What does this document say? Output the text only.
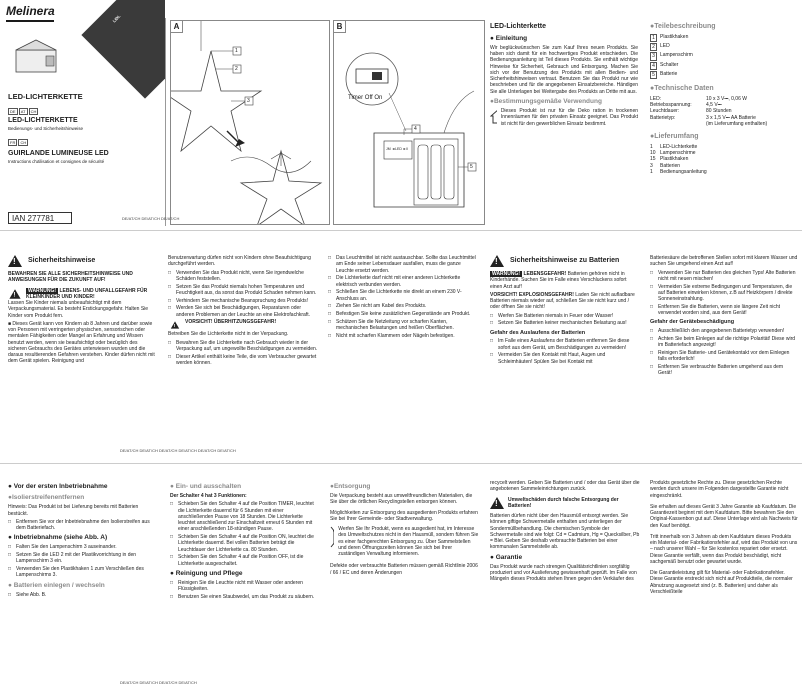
Melinera
LIDL
LED-LICHTERKETTE
DE AT CH
LED-LICHTERKETTE
Bedienungs- und Sicherheitshinweise
FR CH
GUIRLANDE LUMINEUSE LED
Instructions d'utilisation et consignes de sécurité
IAN 277781
A
1
2
3
B
Timer Off On
JM ◄LED ►ll
4
5
DE/AT/CH DE/AT/CH DE/AT/CH
LED-Lichterkette
● Einleitung
Wir beglückwünschen Sie zum Kauf Ihres neuen Produkts. Sie haben sich damit für ein hochwertiges Produkt entschieden. Die Bedienungsanleitung ist Teil dieses Produkts. Sie enthält wichtige Hinweise für Sicherheit, Gebrauch und Entsorgung. Machen Sie sich vor der Benutzung des Produkts mit allen Bedien- und Sicherheitshinweisen vertraut. Benutzen Sie das Produkt nur wie beschrieben und für die angegebenen Einsatzbereiche. Händigen Sie alle Unterlagen bei Weitergabe des Produkts an Dritte mit aus.
●Bestimmungsgemäße Verwendung
Dieses Produkt ist nur für die Deko ration in trockenen Innenräumen für den privaten Einsatz geeignet. Das Produkt ist nicht für den gewerblichen Einsatz bestimmt.
●Teilebeschreibung
1	Plastikhaken
2	LED
3	Lampenschirm
4	Schalter
5	Batterie
●Technische Daten
LED:	10 x 3 V⎓, 0,06 W
Betriebsspannung:	4,5 V⎓
Leuchtdauer:	80 Stunden
Batterietyp:	3 x 1,5 V⎓ AA Batterie
(im Lieferumfang enthalten)
●Lieferumfang
1	LED-Lichterkette
10 Lampenschirme
15 Plastikhaken
3	Batterien
1	Bedienungsanleitung
!
Sicherheitshinweise
BEWAHREN SIE ALLE SICHERHEITSHINWEISE UND ANWEISUNGEN FÜR DIE ZUKUNFT AUF!
!
WARNUNG! LEBENS- UND UNFALLGEFAHR FÜR KLEINKINDER UND KINDER!
Lassen Sie Kinder niemals unbeaufsichtigt mit dem Verpackungsmaterial. Es besteht Erstickungsgefahr. Halten Sie Kinder vom Produkt fern.
■ Dieses Gerät kann von Kindern ab 8 Jahren und darüber sowie von Personen mit verringerten physischen, sensorischen oder mentalen Fähigkeiten oder Mangel an Erfahrung und Wissen benutzt werden, wenn sie beaufsichtigt oder bezüglich des sicheren Gebrauchs des Gerätes unterwiesen wurden und die daraus resultierenden Gefahren verstehen. Kinder dürfen nicht mit dem Gerät spielen. Reinigung und
Benutzerwartung dürfen nicht von Kindern ohne Beaufsichtigung durchgeführt werden.
□ Verwenden Sie das Produkt nicht, wenn Sie irgendwelche Schäden feststellen.
□ Setzen Sie das Produkt niemals hohen Temperaturen und Feuchtigkeit aus, da sonst das Produkt Schaden nehmen kann.
□ Verhindern Sie mechanische Beanspruchung des Produkts!
□ Werden Sie sich bei Beschädigungen, Reparaturen oder anderen Problemen an der Leuchte an eine Elektrofachkraft.
!
VORSICHT! ÜBERHITZUNGSGEFAHR!
Betreiben Sie die Lichterkette nicht in der Verpackung.
□ Bewahren Sie die Lichterkette nach Gebrauch wieder in der Verpackung auf, um ungewollte Beschädigungen zu vermeiden.
□ Dieser Artikel enthält keine Teile, die vom Verbraucher gewartet werden können.
□ Das Leuchtmittel ist nicht austauschbar. Sollte das Leuchtmittel am Ende seiner Lebensdauer ausfallen, muss die ganze Leuchte ersetzt werden.
□ Die Lichterkette darf nicht mit einer anderen Lichterkette elektrisch verbunden werden.
□ Schließen Sie die Lichterkette nie direkt an einem 230 V-Anschluss an.
□ Ziehen Sie nicht am Kabel des Produkts.
□ Befestigen Sie keine zusätzlichen Gegenstände am Produkt.
□ Schützen Sie die Netzleitung vor scharfen Kanten, mechanischen Belastungen und heißen Oberflächen.
□ Nicht mit scharfen Klammern oder Nägeln befestigen.
!
Sicherheitshinweise zu Batterien
WARNUNG! LEBENSGEFAHR! Batterien gehören nicht in Kinderhände. Suchen Sie im Falle eines Verschluckens sofort einen Arzt auf!
VORSICHT! EXPLOSIONSGEFAHR! Laden Sie nicht aufladbare Batterien niemals wieder auf, schließen Sie sie nicht kurz und / oder öffnen Sie sie nicht!
□ Werfen Sie Batterien niemals in Feuer oder Wasser!
□ Setzen Sie Batterien keiner mechanischen Belastung aus!
Gefahr des Auslaufens der Batterien
□ Im Falle eines Auslaufens der Batterien entfernen Sie diese sofort aus dem Gerät, um Beschädigungen zu vermeiden!
□ Vermeiden Sie den Kontakt mit Haut, Augen und Schleimhäuten! Spülen Sie bei Kontakt mit
Batteriesäure die betroffenen Stellen sofort mit klarem Wasser und suchen Sie umgehend einen Arzt auf!
□ Verwenden Sie nur Batterien des gleichen Typs! Alte Batterien nicht mit neuen mischen!
□ Vermeiden Sie extreme Bedingungen und Temperaturen, die auf Batterien einwirken können, z.B auf Heizkörpern / direkte Sonneneinstrahlung.
□ Entfernen Sie die Batterien, wenn sie längere Zeit nicht verwendet worden sind, aus dem Gerät!
Gefahr der Gerätebeschädigung
□ Ausschließlich den angegebenen Batterietyp verwenden!
□ Achten Sie beim Einlegen auf die richtige Polarität! Diese wird im Batteriefach angezeigt!
□ Reinigen Sie Batterie- und Gerätekontakt vor dem Einlegen falls erforderlich!
□ Entfernen Sie verbrauchte Batterien umgehend aus dem Gerät!
DE/AT/CH DE/AT/CH DE/AT/CH DE/AT/CH DE/AT/CH DE/AT/CH
● Vor der ersten Inbetriebnahme
●Isolierstreifenentfernen
Hinweis: Das Produkt ist bei Lieferung bereits mit Batterien bestückt.
□ Entfernen Sie vor der Inbetriebnahme den Isolierstreifen aus dem Batteriefach.
● Inbetriebnahme (siehe Abb. A)
□ Falten Sie den Lampenschirm 3 auseinander.
□ Setzen Sie die LED 2 mit der Plastikvorrichtung in den Lampenschirm 3 ein.
□ Verwenden Sie den Plastikhaken 1 zum Verschließen des Lampenschirms 3.
● Batterien einlegen / wechseln
□ Siehe Abb. B.
● Ein- und ausschalten
Der Schalter 4 hat 3 Funktionen:
□ Schieben Sie den Schalter 4 auf die Position TIMER, leuchtet die Lichterkette dauernd für 6 Stunden mit einer anschließenden Pause von 18 Stunden. Die Lichterkette leuchtet anschließend zur Einschaltzeit erneut 6 Stunden mit einer anschließenden 18-stündigen Pause.
□ Schieben Sie den Schalter 4 auf die Position ON, leuchtet die Lichterkette dauernd. Bei vollen Batterien beträgt die Leuchtdauer der Lichterkette ca. 80 Stunden.
□ Schieben Sie den Schalter 4 auf die Position OFF, ist die Lichterkette ausgeschaltet.
● Reinigung und Pflege
□ Reinigen Sie die Leuchte nicht mit Wasser oder anderen Flüssigkeiten.
□ Benutzen Sie einen Staubwedel, um das Produkt zu säubern.
●Entsorgung
Die Verpackung besteht aus umweltfreundlichen Materialien, die Sie über die örtlichen Recyclingstellen entsorgen können.
Möglichkeiten zur Entsorgung des ausgedienten Produkts erfahren Sie bei Ihrer Gemeinde- oder Stadtverwaltung.
Werfen Sie Ihr Produkt, wenn es ausgedient hat, im Interesse des Umweltschutzes nicht in den Hausmüll, sondern führen Sie es einer fachgerechten Entsorgung zu. Über Sammelstellen und deren Öffnungszeiten können Sie sich bei Ihrer zuständigen Verwaltung informieren.
Defekte oder verbrauchte Batterien müssen gemäß Richtlinie 2006 / 66 / EC und deren Änderungen
recycelt werden. Geben Sie Batterien und / oder das Gerät über die angebotenen Sammeleinrichtungen zurück.
!
Umweltschäden durch falsche Entsorgung der Batterien!
Batterien dürfen nicht über den Hausmüll entsorgt werden. Sie können giftige Schwermetalle enthalten und unterliegen der Sondermüllbehandlung. Die chemischen Symbole der Schwermetalle sind wie folgt: Cd = Cadmium, Hg = Quecksilber, Pb = Blei. Geben Sie deshalb verbrauchte Batterien bei einer kommunalen Sammelstelle ab.
● Garantie
Das Produkt wurde nach strengen Qualitätsrichtlinien sorgfältig produziert und vor Auslieferung gewissenhaft geprüft. Im Falle von Mängeln dieses Produkts stehen Ihnen gegen den Verkäufer des
Produkts gesetzliche Rechte zu. Diese gesetzlichen Rechte werden durch unsere im Folgenden dargestellte Garantie nicht eingeschränkt.
Sie erhalten auf dieses Gerät 3 Jahre Garantie ab Kaufdatum. Die Garantiezeit beginnt mit dem Kaufdatum. Bitte bewahren Sie den Original-Kassenbon gut auf. Diese Unterlage wird als Nachweis für den Kauf benötigt.
Tritt innerhalb von 3 Jahren ab dem Kaufdatum dieses Produkts ein Material- oder Fabrikationsfehler auf, wird das Produkt von uns – nach unserer Wahl – für Sie kostenlos repariert oder ersetzt. Diese Garantie verfällt, wenn das Produkt beschädigt, nicht sachgemäß benutzt oder gewartet wurde.
Die Garantieleistung gilt für Material- oder Fabrikationsfehler. Diese Garantie erstreckt sich nicht auf Produktteile, die normaler Abnutzung ausgesetzt sind (z. B. Batterien) und daher als Verschleißteile
DE/AT/CH DE/AT/CH DE/AT/CH DE/AT/CH
